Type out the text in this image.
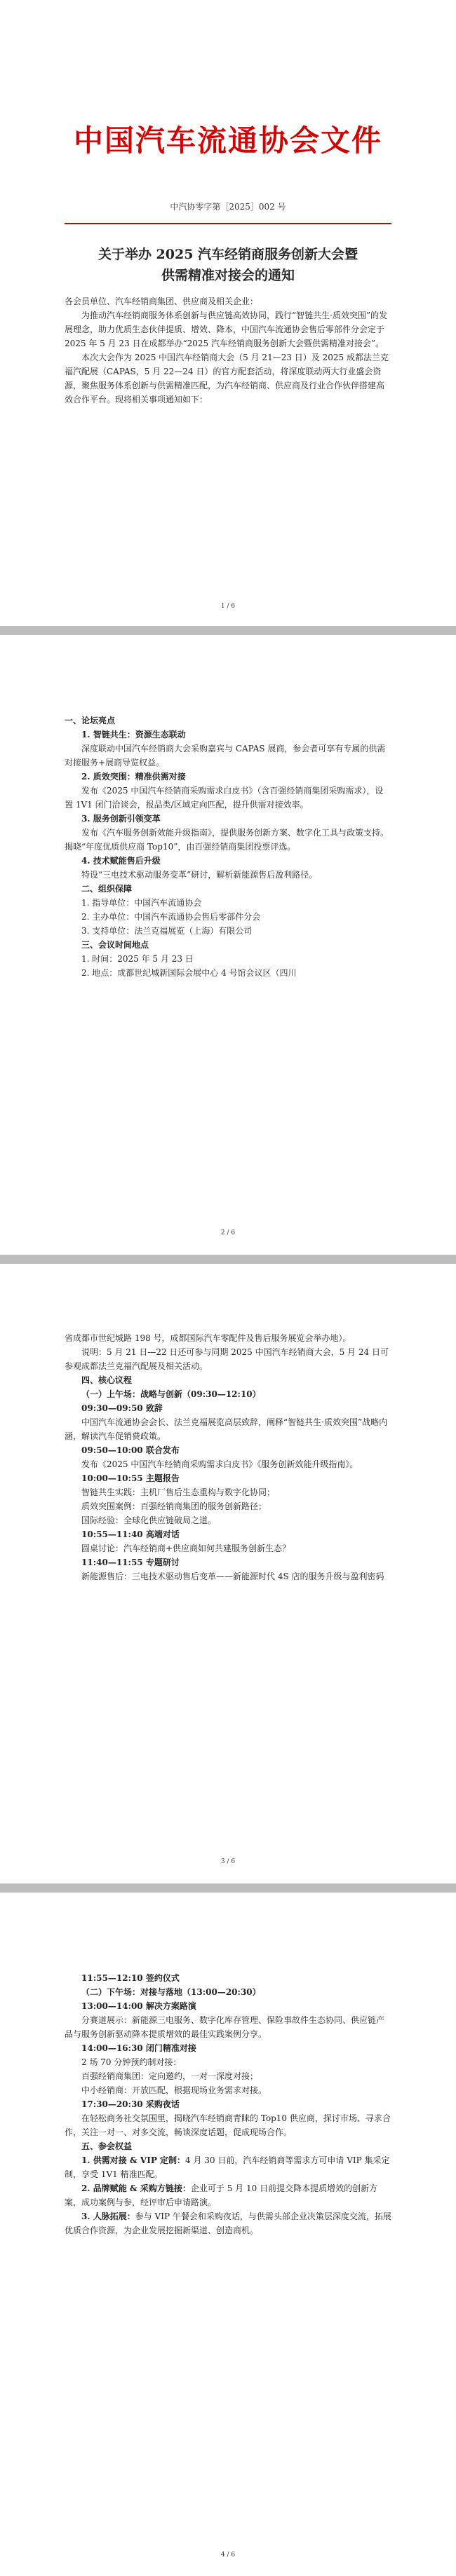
中国汽车流通协会文件
中汽协零字第［2025］002 号
关于举办 2025 汽车经销商服务创新大会暨
供需精准对接会的通知
各会员单位、汽车经销商集团、供应商及相关企业：
为推动汽车经销商服务体系创新与供应链高效协同，践行“智链共生·质效突围”的发展理念，助力优质生态伙伴提质、增效、降本，中国汽车流通协会售后零部件分会定于 2025 年 5 月 23 日在成都举办“2025 汽车经销商服务创新大会暨供需精准对接会”。
本次大会作为 2025 中国汽车经销商大会（5 月 21—23 日）及 2025 成都法兰克福汽配展（CAPAS，5 月 22—24 日）的官方配套活动，将深度联动两大行业盛会资源，聚焦服务体系创新与供需精准匹配，为汽车经销商、供应商及行业合作伙伴搭建高效合作平台。现将相关事项通知如下：
1 / 6
一、论坛亮点
1. 智链共生：资源生态联动
深度联动中国汽车经销商大会采购嘉宾与 CAPAS 展商，参会者可享有专属的供需对接服务+展商导览权益。
2. 质效突围：精准供需对接
发布《2025 中国汽车经销商采购需求白皮书》（含百强经销商集团采购需求），设置 1V1 闭门洽谈会，报品类/区域定向匹配，提升供需对接效率。
3. 服务创新引领变革
发布《汽车服务创新效能升级指南》，提供服务创新方案、数字化工具与政策支持。揭晓“年度优质供应商 Top10”，由百强经销商集团投票评选。
4. 技术赋能售后升级
特设“三电技术驱动服务变革”研讨，解析新能源售后盈利路径。
二、组织保障
1. 指导单位：中国汽车流通协会
2. 主办单位：中国汽车流通协会售后零部件分会
3. 支持单位：法兰克福展览（上海）有限公司
三、会议时间地点
1. 时间：2025 年 5 月 23 日
2. 地点：成都世纪城新国际会展中心 4 号馆会议区（四川
2 / 6
省成都市世纪城路 198 号，成都国际汽车零配件及售后服务展览会举办地）。
说明：5 月 21 日—22 日还可参与同期 2025 中国汽车经销商大会，5 月 24 日可参观成都法兰克福汽配展及相关活动。
四、核心议程
（一）上午场：战略与创新（09:30—12:10）
09:30—09:50 致辞
中国汽车流通协会会长、法兰克福展览高层致辞，阐释“智链共生·质效突围”战略内涵，解读汽车促销费政策。
09:50—10:00 联合发布
发布《2025 中国汽车经销商采购需求白皮书》《服务创新效能升级指南》。
10:00—10:55 主题报告
智链共生实践：主机厂售后生态重构与数字化协同；
质效突围案例：百强经销商集团的服务创新路径；
国际经验：全球化供应链破局之道。
10:55—11:40 高端对话
圆桌讨论：汽车经销商+供应商如何共建服务创新生态？
11:40—11:55 专题研讨
新能源售后：三电技术驱动售后变革——新能源时代 4S 店的服务升级与盈利密码
3 / 6
11:55—12:10 签约仪式
（二）下午场：对接与落地（13:00—20:30）
13:00—14:00 解决方案路演
分赛道展示：新能源三电服务、数字化库存管理、保险事故件生态协同、供应链产品与服务创新驱动降本提质增效的最佳实践案例分享。
14:00—16:30 闭门精准对接
2 场 70 分钟预约制对接：
百强经销商集团：定向邀约，一对一深度对接；
中小经销商：开放匹配，根据现场业务需求对接。
17:30—20:30 采购夜话
在轻松商务社交氛围里，揭晓汽车经销商青睐的 Top10 供应商，探讨市场、寻求合作，关注一对一、对多交流，畅谈深度话题，促成现场合作。
五、参会权益
1. 供需对接 & VIP 定制：4 月 30 日前，汽车经销商等需求方可申请 VIP 集采定制，享受 1V1 精准匹配。
2. 品牌赋能 & 采购方链接：企业可于 5 月 10 日前提交降本提质增效的创新方案，成功案例与参，经评审后申请路演。
3. 人脉拓展：参与 VIP 午餐会和采购夜话，与供需头部企业决策层深度交流，拓展优质合作资源，为企业发展挖掘新渠道、创造商机。
4 / 6
